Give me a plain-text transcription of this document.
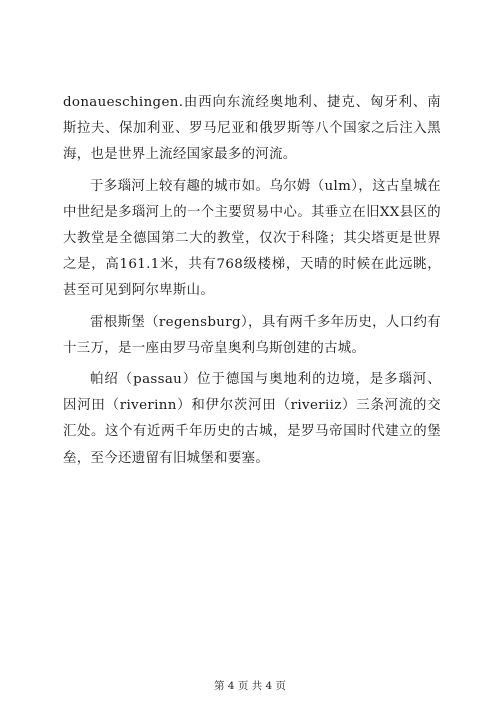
donaueschingen.由西向东流经奥地利、捷克、匈牙利、南斯拉夫、保加利亚、罗马尼亚和俄罗斯等八个国家之后注入黑海，也是世界上流经国家最多的河流。

于多瑙河上较有趣的城市如。乌尔姆（ulm），这古皇城在中世纪是多瑙河上的一个主要贸易中心。其垂立在旧XX县区的大教堂是全德国第二大的教堂，仅次于科隆；其尖塔更是世界之是，高161.1米，共有768级楼梯，天晴的时候在此远眺，甚至可见到阿尔卑斯山。

雷根斯堡（regensburg），具有两千多年历史，人口约有十三万，是一座由罗马帝皇奥利乌斯创建的古城。

帕绍（passau）位于德国与奥地利的边境，是多瑙河、因河田（riverinn）和伊尔茨河田（riveriiz）三条河流的交汇处。这个有近两千年历史的古城，是罗马帝国时代建立的堡垒，至今还遗留有旧城堡和要塞。

第 4 页 共 4 页
